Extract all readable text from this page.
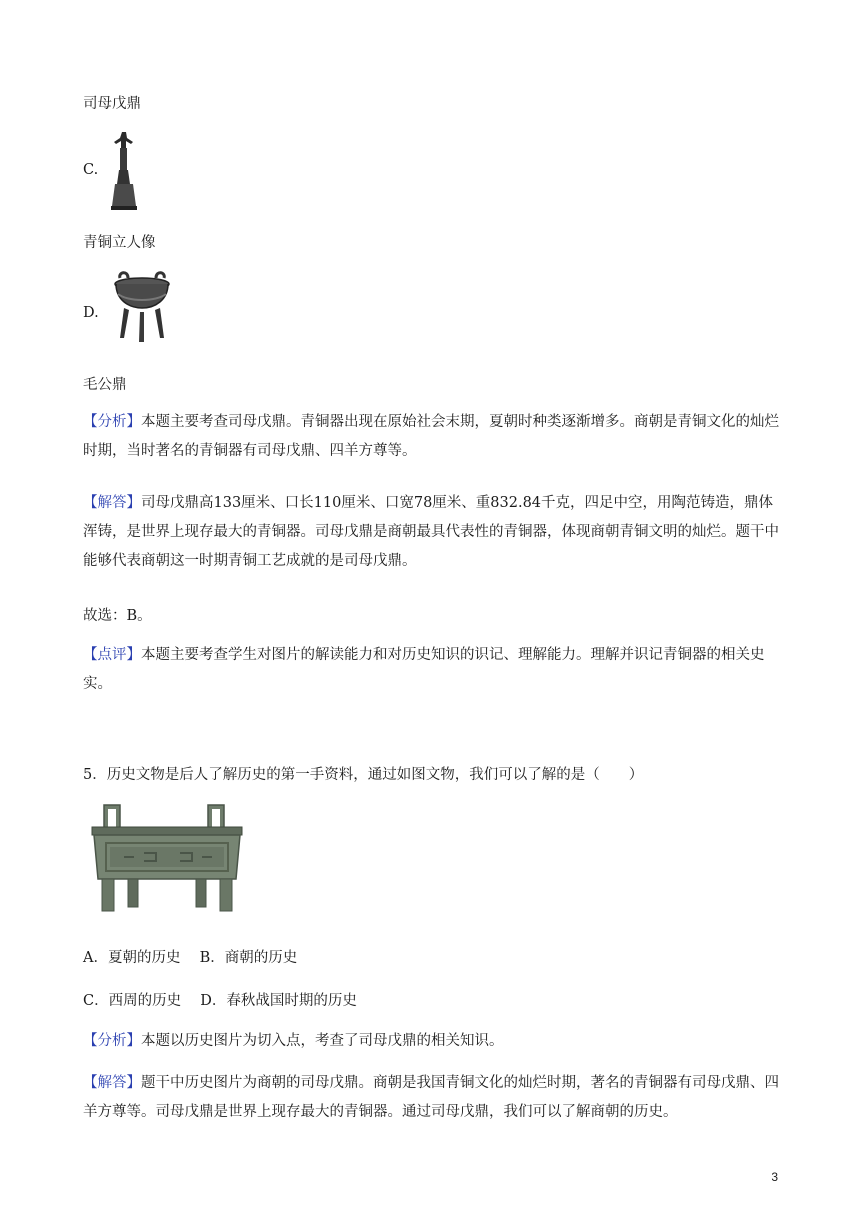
司母戊鼎
C.
青铜立人像
D.
毛公鼎
【分析】本题主要考查司母戊鼎。青铜器出现在原始社会末期，夏朝时种类逐渐增多。商朝是青铜文化的灿烂时期，当时著名的青铜器有司母戊鼎、四羊方尊等。
【解答】司母戊鼎高133厘米、口长110厘米、口宽78厘米、重832.84千克，四足中空，用陶范铸造，鼎体浑铸，是世界上现存最大的青铜器。司母戊鼎是商朝最具代表性的青铜器，体现商朝青铜文明的灿烂。题干中能够代表商朝这一时期青铜工艺成就的是司母戊鼎。
故选：B。
【点评】本题主要考查学生对图片的解读能力和对历史知识的识记、理解能力。理解并识记青铜器的相关史实。
5．历史文物是后人了解历史的第一手资料，通过如图文物，我们可以了解的是（　　）
A．夏朝的历史　 B．商朝的历史
C．西周的历史　 D．春秋战国时期的历史
【分析】本题以历史图片为切入点，考查了司母戊鼎的相关知识。
【解答】题干中历史图片为商朝的司母戊鼎。商朝是我国青铜文化的灿烂时期，著名的青铜器有司母戊鼎、四羊方尊等。司母戊鼎是世界上现存最大的青铜器。通过司母戊鼎，我们可以了解商朝的历史。
3
